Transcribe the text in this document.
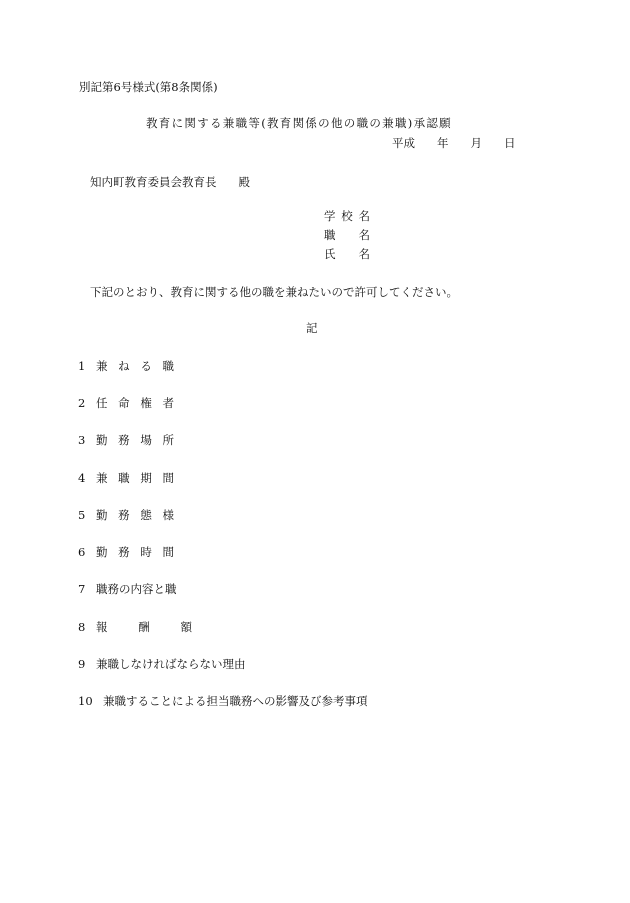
別記第6号様式(第8条関係)
教育に関する兼職等(教育関係の他の職の兼職)承認願
平成 年 月 日
知内町教育委員会教育長 殿
学校名
職名
氏名
下記のとおり、教育に関する他の職を兼ねたいので許可してください。
記
1 兼ねる職
2 任命権者
3 勤務場所
4 兼職期間
5 勤務態様
6 勤務時間
7 職務の内容と職
8 報酬額
9 兼職しなければならない理由
10 兼職することによる担当職務への影響及び参考事項
